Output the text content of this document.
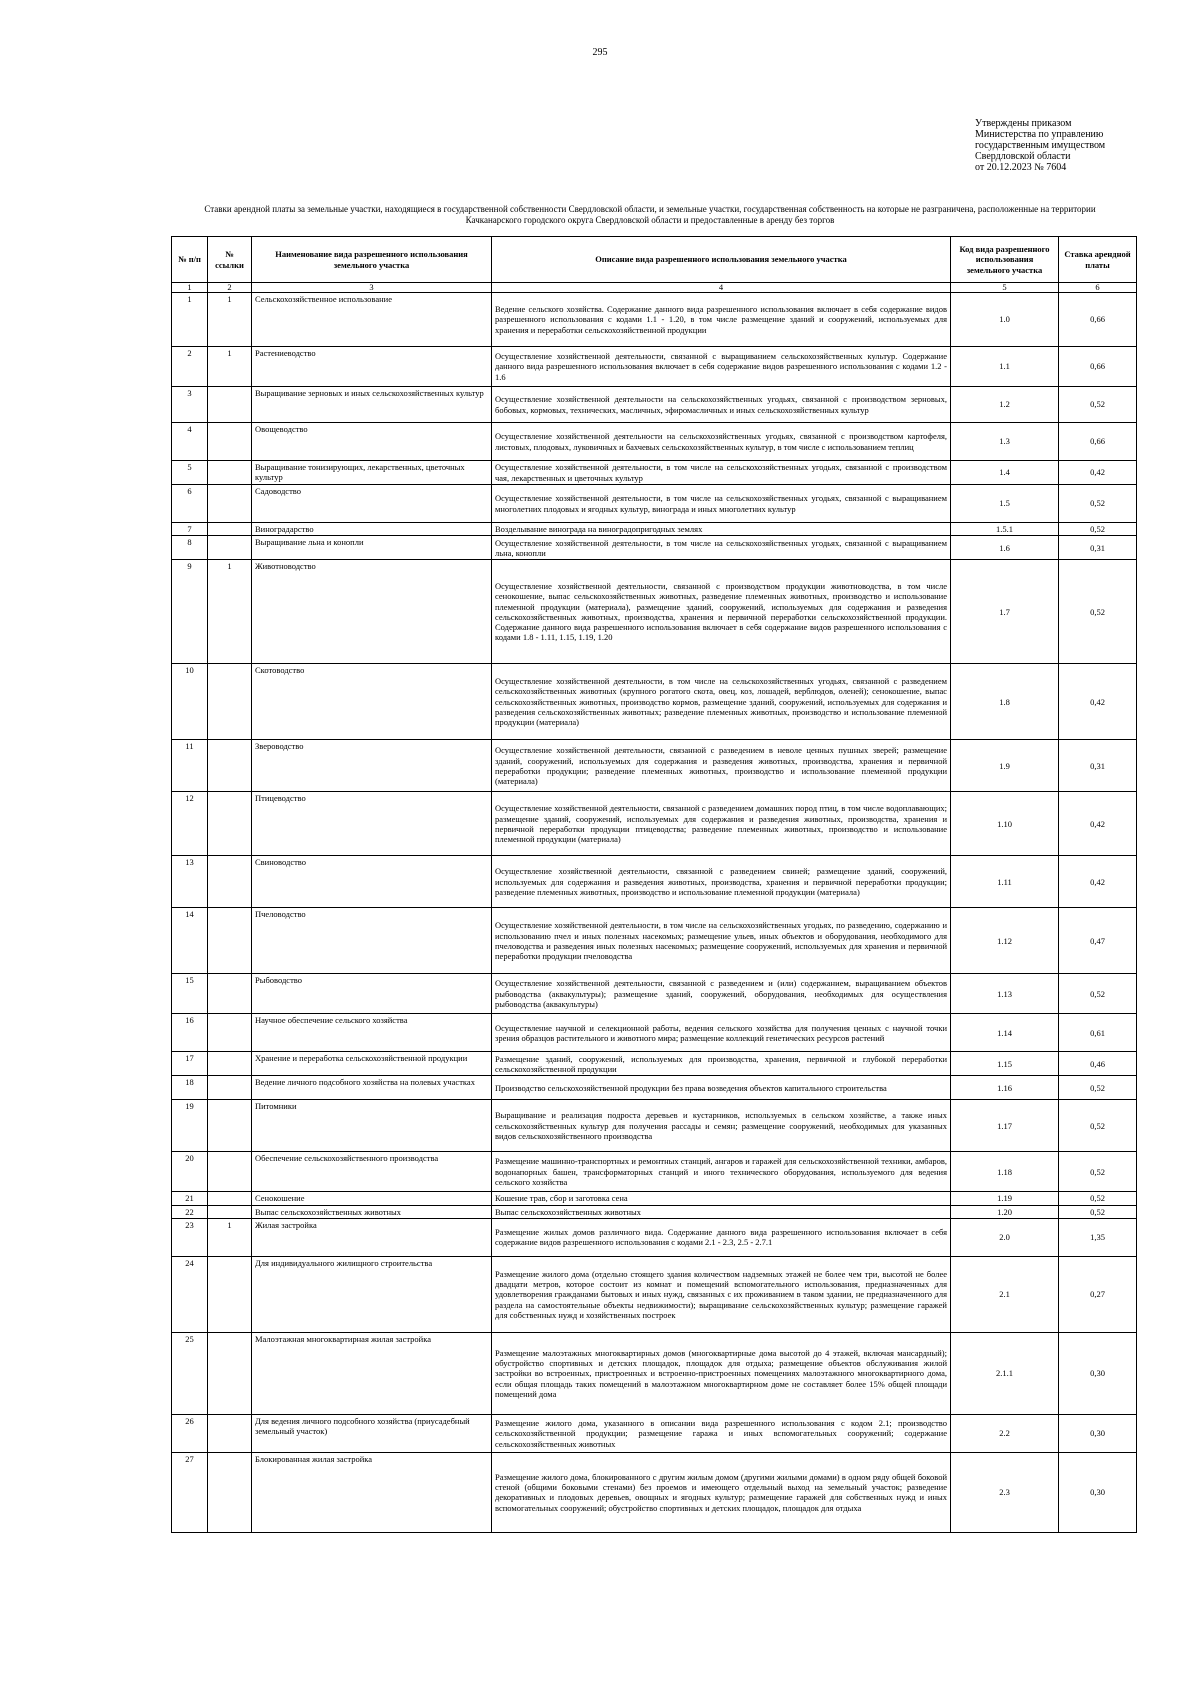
295
Утверждены приказом
Министерства по управлению
государственным имуществом
Свердловской области
от 20.12.2023 № 7604
Ставки арендной платы за земельные участки, находящиеся в государственной собственности Свердловской области, и земельные участки, государственная собственность на которые не разграничена, расположенные на территории Качканарского городского округа Свердловской области и предоставленные в аренду без торгов
№ п/п	№ ссылки	Наименование вида разрешенного использования земельного участка	Описание вида разрешенного использования земельного участка	Код вида разрешенного использования земельного участка	Ставка арендной платы
1	2	3	4	5	6
1	1	Сельскохозяйственное использование	Ведение сельского хозяйства. Содержание данного вида разрешенного использования включает в себя содержание видов разрешенного использования с кодами 1.1 - 1.20, в том числе размещение зданий и сооружений, используемых для хранения и переработки сельскохозяйственной продукции	1.0	0,66
2	1	Растениеводство	Осуществление хозяйственной деятельности, связанной с выращиванием сельскохозяйственных культур. Содержание данного вида разрешенного использования включает в себя содержание видов разрешенного использования с кодами 1.2 - 1.6	1.1	0,66
3		Выращивание зерновых и иных сельскохозяйственных культур	Осуществление хозяйственной деятельности на сельскохозяйственных угодьях, связанной с производством зерновых, бобовых, кормовых, технических, масличных, эфиромасличных и иных сельскохозяйственных культур	1.2	0,52
4		Овощеводство	Осуществление хозяйственной деятельности на сельскохозяйственных угодьях, связанной с производством картофеля, листовых, плодовых, луковичных и бахчевых сельскохозяйственных культур, в том числе с использованием теплиц	1.3	0,66
5		Выращивание тонизирующих, лекарственных, цветочных культур	Осуществление хозяйственной деятельности, в том числе на сельскохозяйственных угодьях, связанной с производством чая, лекарственных и цветочных культур	1.4	0,42
6		Садоводство	Осуществление хозяйственной деятельности, в том числе на сельскохозяйственных угодьях, связанной с выращиванием многолетних плодовых и ягодных культур, винограда и иных многолетних культур	1.5	0,52
7		Виноградарство	Возделывание винограда на виноградопригодных землях	1.5.1	0,52
8		Выращивание льна и конопли	Осуществление хозяйственной деятельности, в том числе на сельскохозяйственных угодьях, связанной с выращиванием льна, конопли	1.6	0,31
9	1	Животноводство	Осуществление хозяйственной деятельности, связанной с производством продукции животноводства, в том числе сенокошение, выпас сельскохозяйственных животных, разведение племенных животных, производство и использование племенной продукции (материала), размещение зданий, сооружений, используемых для содержания и разведения сельскохозяйственных животных, производства, хранения и первичной переработки сельскохозяйственной продукции. Содержание данного вида разрешенного использования включает в себя содержание видов разрешенного использования с кодами 1.8 - 1.11, 1.15, 1.19, 1.20	1.7	0,52
10		Скотоводство	Осуществление хозяйственной деятельности, в том числе на сельскохозяйственных угодьях, связанной с разведением сельскохозяйственных животных (крупного рогатого скота, овец, коз, лошадей, верблюдов, оленей); сенокошение, выпас сельскохозяйственных животных, производство кормов, размещение зданий, сооружений, используемых для содержания и разведения сельскохозяйственных животных; разведение племенных животных, производство и использование племенной продукции (материала)	1.8	0,42
11		Звероводство	Осуществление хозяйственной деятельности, связанной с разведением в неволе ценных пушных зверей; размещение зданий, сооружений, используемых для содержания и разведения животных, производства, хранения и первичной переработки продукции; разведение племенных животных, производство и использование племенной продукции (материала)	1.9	0,31
12		Птицеводство	Осуществление хозяйственной деятельности, связанной с разведением домашних пород птиц, в том числе водоплавающих; размещение зданий, сооружений, используемых для содержания и разведения животных, производства, хранения и первичной переработки продукции птицеводства; разведение племенных животных, производство и использование племенной продукции (материала)	1.10	0,42
13		Свиноводство	Осуществление хозяйственной деятельности, связанной с разведением свиней; размещение зданий, сооружений, используемых для содержания и разведения животных, производства, хранения и первичной переработки продукции; разведение племенных животных, производство и использование племенной продукции (материала)	1.11	0,42
14		Пчеловодство	Осуществление хозяйственной деятельности, в том числе на сельскохозяйственных угодьях, по разведению, содержанию и использованию пчел и иных полезных насекомых; размещение ульев, иных объектов и оборудования, необходимого для пчеловодства и разведения иных полезных насекомых; размещение сооружений, используемых для хранения и первичной переработки продукции пчеловодства	1.12	0,47
15		Рыбоводство	Осуществление хозяйственной деятельности, связанной с разведением и (или) содержанием, выращиванием объектов рыбоводства (аквакультуры); размещение зданий, сооружений, оборудования, необходимых для осуществления рыбоводства (аквакультуры)	1.13	0,52
16		Научное обеспечение сельского хозяйства	Осуществление научной и селекционной работы, ведения сельского хозяйства для получения ценных с научной точки зрения образцов растительного и животного мира; размещение коллекций генетических ресурсов растений	1.14	0,61
17		Хранение и переработка сельскохозяйственной продукции	Размещение зданий, сооружений, используемых для производства, хранения, первичной и глубокой переработки сельскохозяйственной продукции	1.15	0,46
18		Ведение личного подсобного хозяйства на полевых участках	Производство сельскохозяйственной продукции без права возведения объектов капитального строительства	1.16	0,52
19		Питомники	Выращивание и реализация подроста деревьев и кустарников, используемых в сельском хозяйстве, а также иных сельскохозяйственных культур для получения рассады и семян; размещение сооружений, необходимых для указанных видов сельскохозяйственного производства	1.17	0,52
20		Обеспечение сельскохозяйственного производства	Размещение машинно-транспортных и ремонтных станций, ангаров и гаражей для сельскохозяйственной техники, амбаров, водонапорных башен, трансформаторных станций и иного технического оборудования, используемого для ведения сельского хозяйства	1.18	0,52
21		Сенокошение	Кошение трав, сбор и заготовка сена	1.19	0,52
22		Выпас сельскохозяйственных животных	Выпас сельскохозяйственных животных	1.20	0,52
23	1	Жилая застройка	Размещение жилых домов различного вида. Содержание данного вида разрешенного использования включает в себя содержание видов разрешенного использования с кодами 2.1 - 2.3, 2.5 - 2.7.1	2.0	1,35
24		Для индивидуального жилищного строительства	Размещение жилого дома (отдельно стоящего здания количеством надземных этажей не более чем три, высотой не более двадцати метров, которое состоит из комнат и помещений вспомогательного использования, предназначенных для удовлетворения гражданами бытовых и иных нужд, связанных с их проживанием в таком здании, не предназначенного для раздела на самостоятельные объекты недвижимости); выращивание сельскохозяйственных культур; размещение гаражей для собственных нужд и хозяйственных построек	2.1	0,27
25		Малоэтажная многоквартирная жилая застройка	Размещение малоэтажных многоквартирных домов (многоквартирные дома высотой до 4 этажей, включая мансардный); обустройство спортивных и детских площадок, площадок для отдыха; размещение объектов обслуживания жилой застройки во встроенных, пристроенных и встроенно-пристроенных помещениях малоэтажного многоквартирного дома, если общая площадь таких помещений в малоэтажном многоквартирном доме не составляет более 15% общей площади помещений дома	2.1.1	0,30
26		Для ведения личного подсобного хозяйства (приусадебный земельный участок)	Размещение жилого дома, указанного в описании вида разрешенного использования с кодом 2.1; производство сельскохозяйственной продукции; размещение гаража и иных вспомогательных сооружений; содержание сельскохозяйственных животных	2.2	0,30
27		Блокированная жилая застройка	Размещение жилого дома, блокированного с другим жилым домом (другими жилыми домами) в одном ряду общей боковой стеной (общими боковыми стенами) без проемов и имеющего отдельный выход на земельный участок; разведение декоративных и плодовых деревьев, овощных и ягодных культур; размещение гаражей для собственных нужд и иных вспомогательных сооружений; обустройство спортивных и детских площадок, площадок для отдыха	2.3	0,30
